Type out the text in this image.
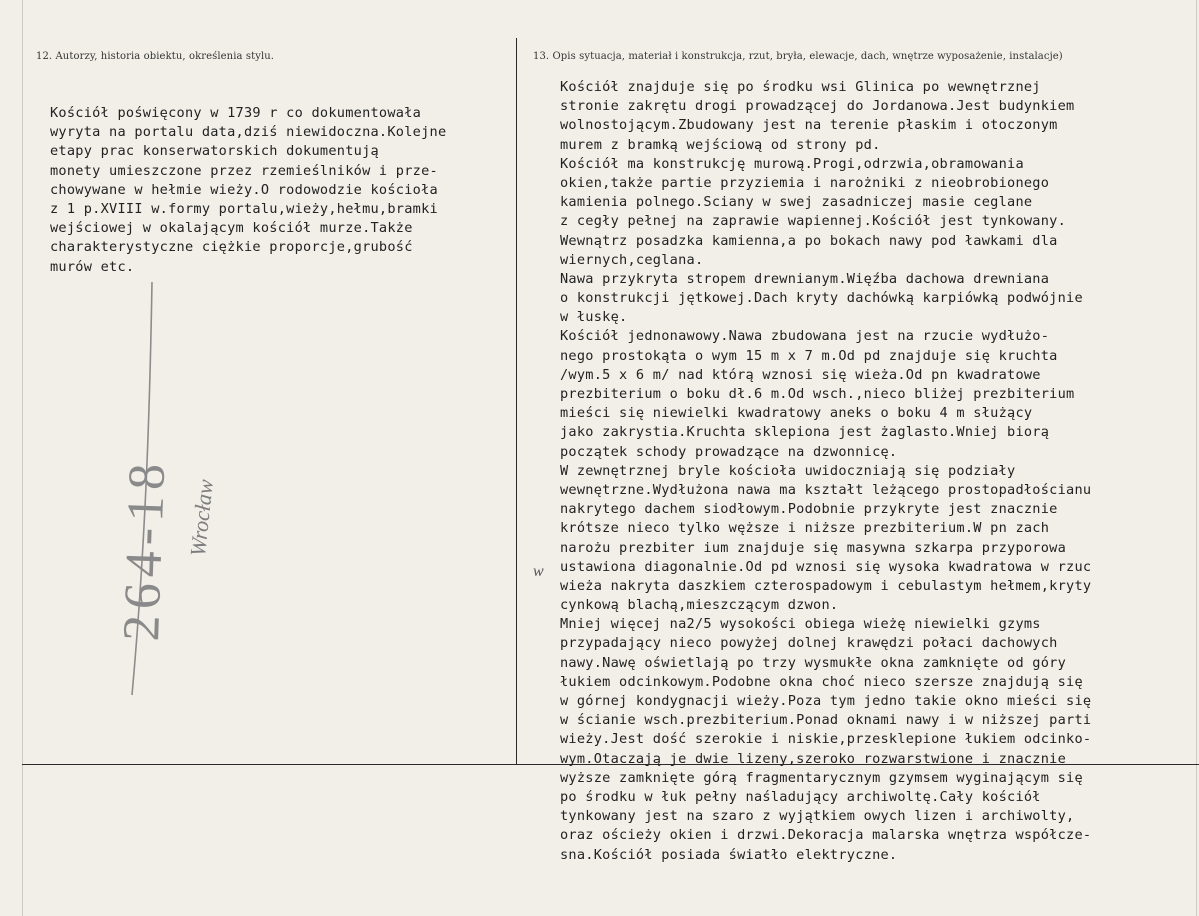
12. Autorzy, historia obiektu, określenia stylu.	13. Opis sytuacja, materiał i konstrukcja, rzut, bryła, elewacje, dach, wnętrze wyposażenie, instalacje)
Kościół poświęcony w 1739 r co dokumentowała
wyryta na portalu data,dziś niewidoczna.Kolejne
etapy prac konserwatorskich dokumentują
monety umieszczone przez rzemieślników i prze-
chowywane w hełmie wieży.O rodowodzie kościoła
z 1 p.XVIII w.formy portalu,wieży,hełmu,bramki
wejściowej w okalającym kościół murze.Także
charakterystyczne ciężkie proporcje,grubość
murów etc.
Kościół znajduje się po środku wsi Glinica po wewnętrznej
stronie zakrętu drogi prowadzącej do Jordanowa.Jest budynkiem
wolnostojącym.Zbudowany jest na terenie płaskim i otoczonym
murem z bramką wejściową od strony pd.
Kościół ma konstrukcję murową.Progi,odrzwia,obramowania
okien,także partie przyziemia i narożniki z nieobrobionego
kamienia polnego.Sciany w swej zasadniczej masie ceglane
z cegły pełnej na zaprawie wapiennej.Kościół jest tynkowany.
Wewnątrz posadzka kamienna,a po bokach nawy pod ławkami dla
wiernych,ceglana.
Nawa przykryta stropem drewnianym.Więźba dachowa drewniana
o konstrukcji jętkowej.Dach kryty dachówką karpiówką podwójnie
w łuskę.
Kościół jednonawowy.Nawa zbudowana jest na rzucie wydłużo-
nego prostokąta o wym 15 m x 7 m.Od pd znajduje się kruchta
/wym.5 x 6 m/ nad którą wznosi się wieża.Od pn kwadratowe
prezbiterium o boku dł.6 m.Od wsch.,nieco bliżej prezbiterium
mieści się niewielki kwadratowy aneks o boku 4 m służący
jako zakrystia.Kruchta sklepiona jest żaglasto.Wniej biorą
początek schody prowadzące na dzwonnicę.
W zewnętrznej bryle kościoła uwidoczniają się podziały
wewnętrzne.Wydłużona nawa ma kształt leżącego prostopadłościanu
nakrytego dachem siodłowym.Podobnie przykryte jest znacznie
krótsze nieco tylko węższe i niższe prezbiterium.W pn zach
narożu prezbiter ium znajduje się masywna szkarpa przyporowa
ustawiona diagonalnie.Od pd wznosi się wysoka kwadratowa w rzuc
wieża nakryta daszkiem czterospadowym i cebulastym hełmem,kryty
cynkową blachą,mieszczącym dzwon.
Mniej więcej na2/5 wysokości obiega wieżę niewielki gzyms
przypadający nieco powyżej dolnej krawędzi połaci dachowych
nawy.Nawę oświetlają po trzy wysmukłe okna zamknięte od góry
łukiem odcinkowym.Podobne okna choć nieco szersze znajdują się
w górnej kondygnacji wieży.Poza tym jedno takie okno mieści się
w ścianie wsch.prezbiterium.Ponad oknami nawy i w niższej parti
wieży.Jest dość szerokie i niskie,przesklepione łukiem odcinko-
wym.Otaczają je dwie lizeny,szeroko rozwarstwione i znacznie
wyższe zamknięte górą fragmentarycznym gzymsem wyginającym się
po środku w łuk pełny naśladujący archiwoltę.Cały kościół
tynkowany jest na szaro z wyjątkiem owych lizen i archiwolty,
oraz ościeży okien i drzwi.Dekoracja malarska wnętrza współcze-
sna.Kościół posiada światło elektryczne.
264-18 Wrocław
w
